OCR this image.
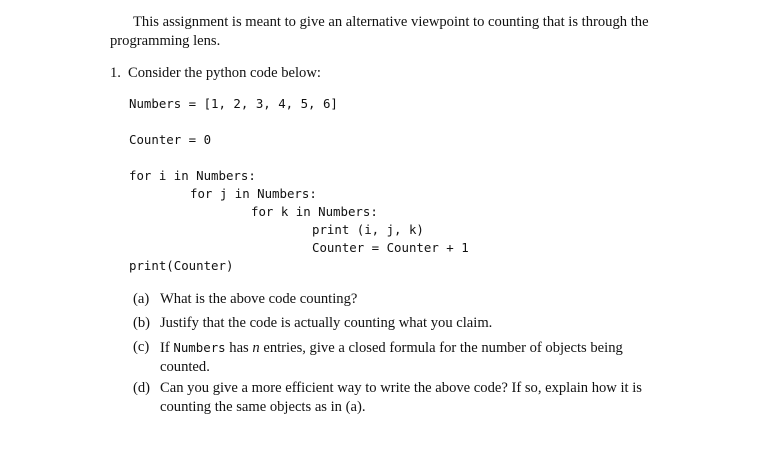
This assignment is meant to give an alternative viewpoint to counting that is through the programming lens.
1. Consider the python code below:
Numbers = [1, 2, 3, 4, 5, 6]
Counter = 0
for i in Numbers:
for j in Numbers:
for k in Numbers:
print (i, j, k)
Counter = Counter + 1
print(Counter)
(a) What is the above code counting?
(b) Justify that the code is actually counting what you claim.
(c) If Numbers has n entries, give a closed formula for the number of objects being counted.
(d) Can you give a more efficient way to write the above code? If so, explain how it is counting the same objects as in (a).
